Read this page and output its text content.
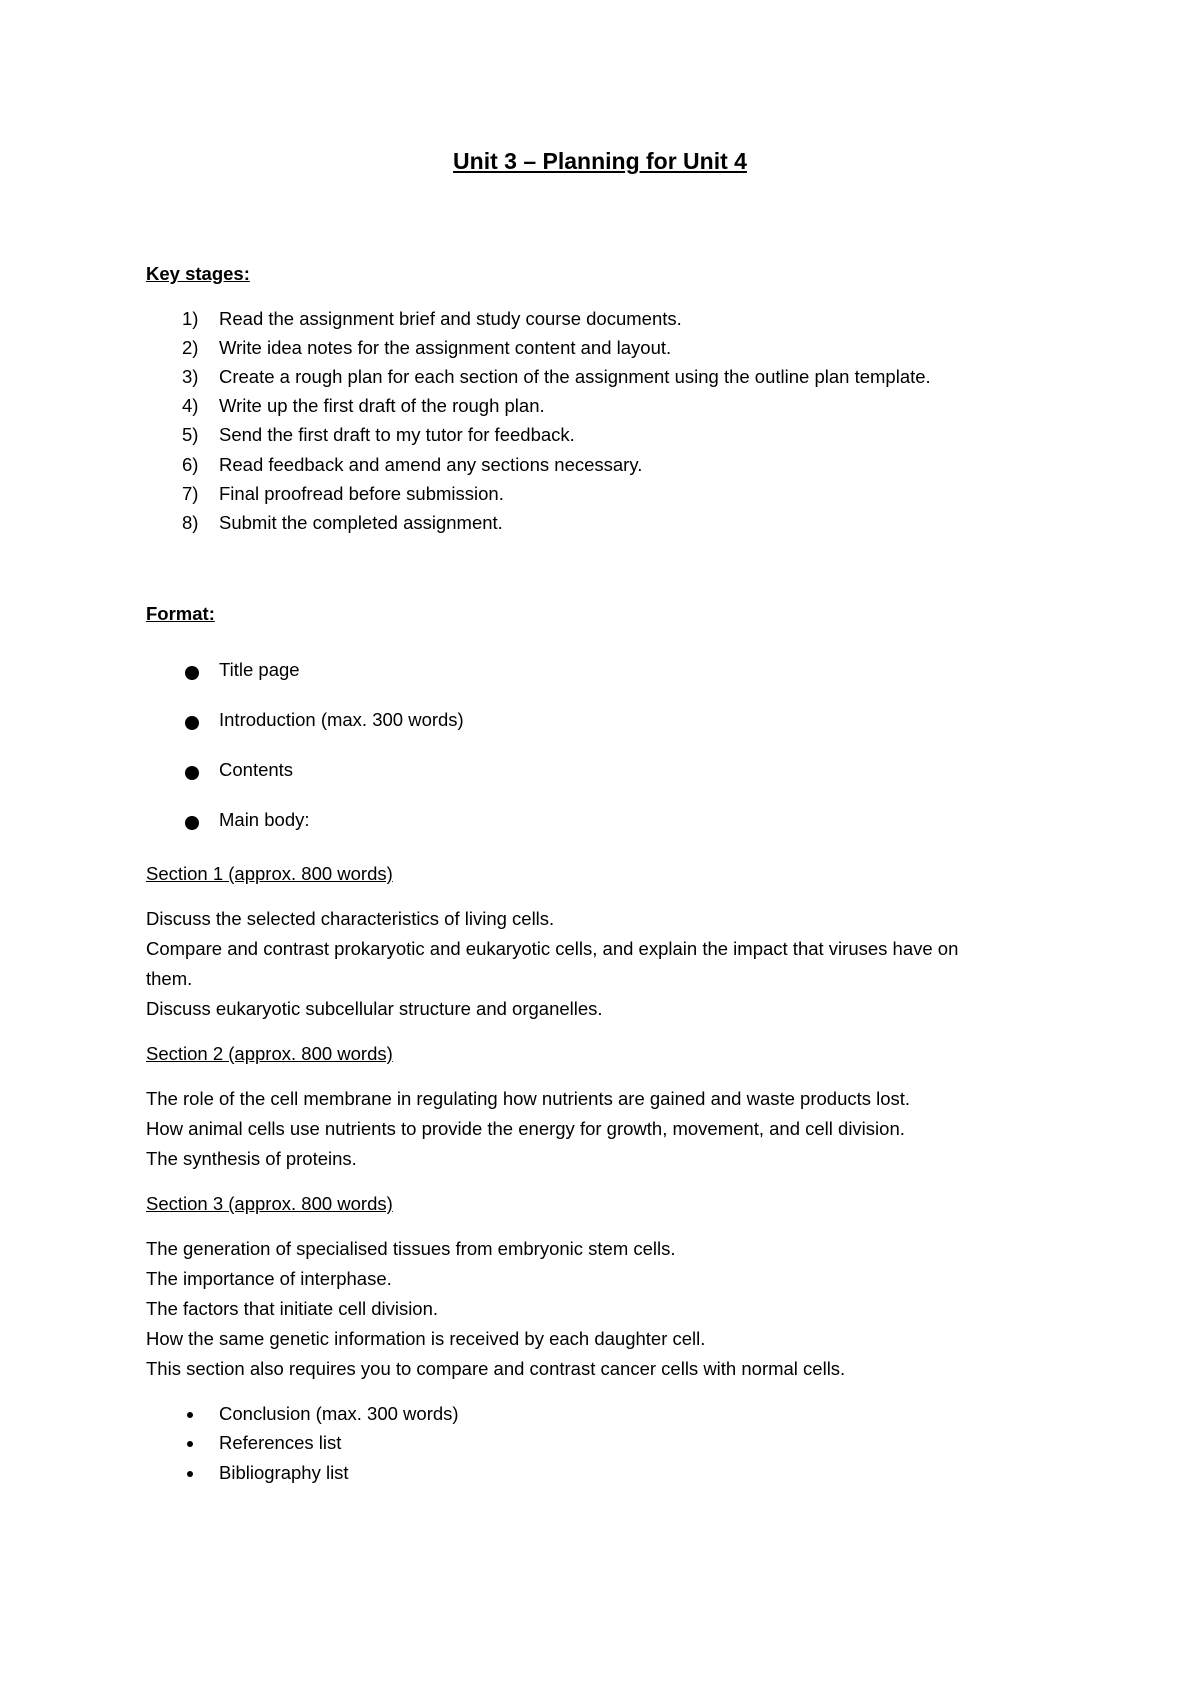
Unit 3 – Planning for Unit 4
Key stages:
1) Read the assignment brief and study course documents.
2) Write idea notes for the assignment content and layout.
3) Create a rough plan for each section of the assignment using the outline plan template.
4) Write up the first draft of the rough plan.
5) Send the first draft to my tutor for feedback.
6) Read feedback and amend any sections necessary.
7) Final proofread before submission.
8) Submit the completed assignment.
Format:
Title page
Introduction (max. 300 words)
Contents
Main body:
Section 1 (approx. 800 words)
Discuss the selected characteristics of living cells.
Compare and contrast prokaryotic and eukaryotic cells, and explain the impact that viruses have on
them.
Discuss eukaryotic subcellular structure and organelles.
Section 2 (approx. 800 words)
The role of the cell membrane in regulating how nutrients are gained and waste products lost.
How animal cells use nutrients to provide the energy for growth, movement, and cell division.
The synthesis of proteins.
Section 3 (approx. 800 words)
The generation of specialised tissues from embryonic stem cells.
The importance of interphase.
The factors that initiate cell division.
How the same genetic information is received by each daughter cell.
This section also requires you to compare and contrast cancer cells with normal cells.
Conclusion (max. 300 words)
References list
Bibliography list
